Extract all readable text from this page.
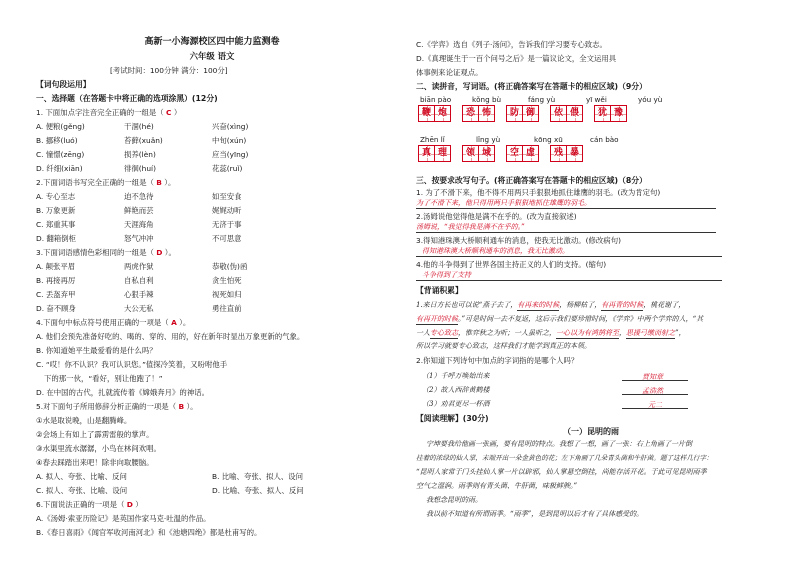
高新一小海源校区四中能力监测卷
六年级 语文
[考试时间：100分钟 满分：100分]
【词句段运用】
一、选择题（在答题卡中将正确的选项涂黑）(12分)
1. 下面加点字注音完全正确的一组是（ C ）
A. 便粮(gěng)	干涸(hé)	兴奋(xìng)
B. 挪移(luó)	苔藓(xuǎn)	中旬(xún)
C. 憧憬(zēng)	损养(lèn)	应当(yīng)
D. 纤细(xiān)	徘徊(huí)	花蕊(ruǐ)
2.下面词语书写完全正确的一组是（ B ）。
A. 专心至志	迫不急待	如至安食
B. 万象更新	鲜艳而芸	娓娓动听
C. 郑重其事	天涯海角	无济于事
D. 翻箱倒柜	怒气冲冲	不可思意
3.下面词语感情色彩相同的一组是（ D ）。
A. 颠张平眉	两虎作狱	恭敬(伪)函
B. 再接再厉	自私自利	贪生怕死
C. 丢盔弃甲	心狠手辣	视死如归
D. 奋不顾身	大公无私	勇往直前
4.下面句中标点符号使用正确的一项是（ A ）。
A. 他们会预先准备好吃的、喝的、穿的、用的，好在新年时显出万象更新的气象。
B. 你知道她平生最爱看的是什么吗？
C. “哎！你不认识？我可认识您。”值探冷笑着，又吩咐他手
下的那一伙，“看好，别让他跑了！”
D. 在中国的古代，扎就流传着《嫦娥奔月》的神话。
5.对下面句子所用修辞分析正确的一项是（ B ）。
①水是取说晚，山是翻腾峰。
②会场上有如上了霹雳雷般的掌声。
③水渠里流水潺潺，小鸟在林间欢唱。
④春去踩踏出来吧！除非向取腰脑。
A. 拟人、夸张、比喻、反问	B. 比喻、夸张、拟人、设问
C. 拟人、夸张、比喻、设问	D. 比喻、夸张、拟人、反问
6.下面说法正确的一项是（ D ）
A.《汤姆·索亚历险记》是英国作家马克·吐温的作品。
B.《春日喜雨》《闻官军收河南河北》和《池塘四绝》都是杜甫写的。
C.《学弈》选自《列子·汤问》，告诉我们学习要专心致志。
D.《真理诞生于一百个问号之后》是一篇议论文，全文运用具
体事例来论证观点。
二、读拼音，写词语。(将正确答案写在答题卡的相应区域)（9分）
biān pào	kǒng bù	fáng yù	yī wěi	yóu yù
鞭 炮	恐 怖	防 御	依 偎	犹 豫
Zhēn lǐ	lǐng yù	kōng xū	cán bào
真 理	领 域	空 虚	残 暴
三、按要求改写句子。(将正确答案写在答题卡的相应区域)（8分）
1. 为了不滑下来，他不得不用两只手狠狠地抓住雄鹰的羽毛。(改为肯定句)
为了不滑下来，他只得用两只手狠狠地抓住雄鹰的羽毛。
2.汤姆说他觉得他是满不在乎的。(改为直接叙述)
汤姆说，“我觉得我是满不在乎的。”
3.得知港珠澳大桥顺利通车的消息，使我无比激动。(修改病句)
得知港珠澳大桥顺利通车的消息，我无比激动。
4.他的斗争得到了世界各国主持正义的人们的支持。(缩句)
斗争得到了支持
【背诵积累】
1.来日方长也可以说“燕子去了，有再来的时候，杨柳枯了，有再青的时候，桃花谢了，
有再开的时候。”可是时间一去不复返，这后示我们要珍惜时间，《学弈》中两个学弈的人，“其
一人专心致志，惟弈秋之为听；一人虽听之，一心以为有鸿鹄将至，思援弓缴而射之”，
所以学习就要专心致志，这样我们才能学到真正的本领。
2.你知道下列诗句中加点的字词指的是哪个人吗？
（1）千呼万唤始出来	贾知章
（2）故人西辞黄鹤楼	孟浩然
（3）劝君更尽一杯酒	元二
【阅读理解】(30分)
（一）昆明的雨
宁坤要我给他画一张画，要有昆明的特点。我想了一想，画了一张：右上角画了一片倒
挂着的浓绿的仙人掌，末端开出一朵金黄色的花；左下角画了几朵青头菌和牛肝菌。题了这样几行字：
“昆明人家常于门头挂仙人掌一片以辟邪，仙人掌悬空倒挂，尚能存活开花。于此可见昆明雨季
空气之湿润。雨季则有青头菌、牛肝菌，味极鲜腴。”
我想念昆明的雨。
我以前不知道有所谓雨季。“雨季”，是到昆明以后才有了具体感受的。
